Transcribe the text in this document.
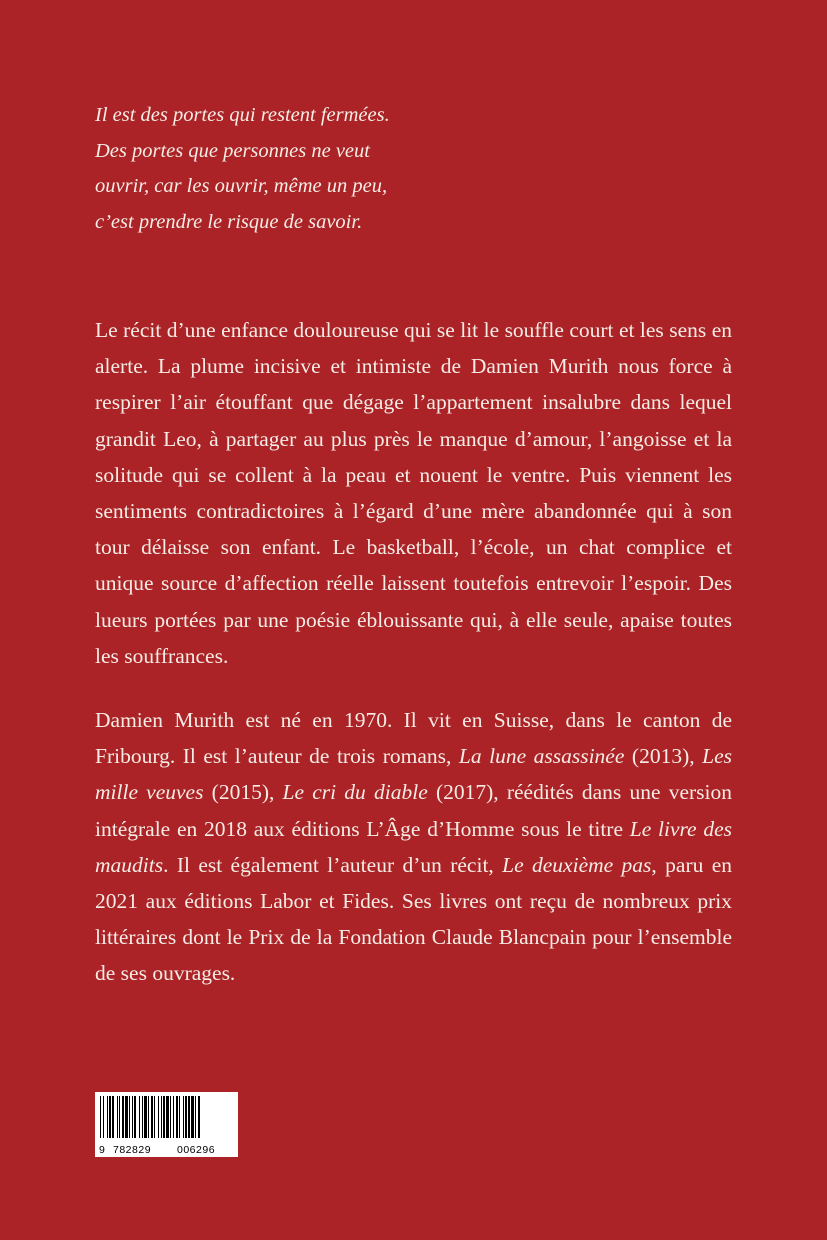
Il est des portes qui restent fermées.
Des portes que personnes ne veut
ouvrir, car les ouvrir, même un peu,
c’est prendre le risque de savoir.

Le récit d’une enfance douloureuse qui se lit le souffle court et les sens en alerte. La plume incisive et intimiste de Damien Murith nous force à respirer l’air étouffant que dégage l’appartement insalubre dans lequel grandit Leo, à partager au plus près le manque d’amour, l’angoisse et la solitude qui se collent à la peau et nouent le ventre. Puis viennent les sentiments contradictoires à l’égard d’une mère abandonnée qui à son tour délaisse son enfant. Le basketball, l’école, un chat complice et unique source d’affection réelle laissent toutefois entrevoir l’espoir. Des lueurs portées par une poésie éblouissante qui, à elle seule, apaise toutes les souffrances.

Damien Murith est né en 1970. Il vit en Suisse, dans le canton de Fribourg. Il est l’auteur de trois romans, La lune assassinée (2013), Les mille veuves (2015), Le cri du diable (2017), réédités dans une version intégrale en 2018 aux éditions L’Âge d’Homme sous le titre Le livre des maudits. Il est également l’auteur d’un récit, Le deuxième pas, paru en 2021 aux éditions Labor et Fides. Ses livres ont reçu de nombreux prix littéraires dont le Prix de la Fondation Claude Blancpain pour l’ensemble de ses ouvrages.

9 782829 006296
